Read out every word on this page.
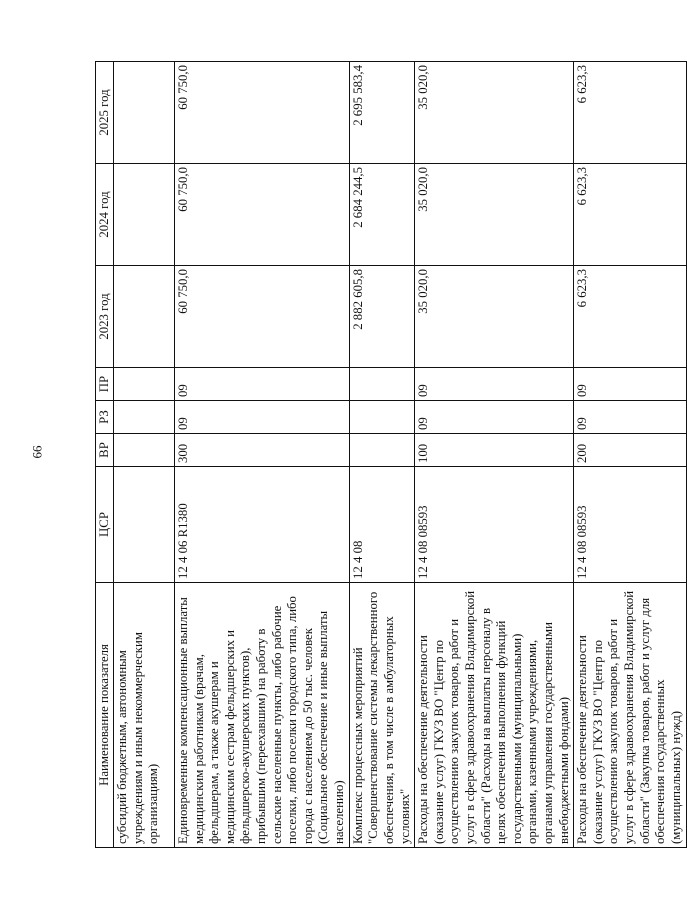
66
Наименование показателя	ЦСР	ВР	РЗ	ПР	2023 год	2024 год	2025 год
субсидий бюджетным, автономным учреждениям и иным некоммерческим организациям)							
Единовременные компенсационные выплаты медицинским работникам (врачам, фельдшерам, а также акушерам и медицинским сестрам фельдшерских и фельдшерско-акушерских пунктов), прибывшим (переехавшим) на работу в сельские населенные пункты, либо рабочие поселки, либо поселки городского типа, либо города с населением до 50 тыс. человек (Социальное обеспечение и иные выплаты населению)	12 4 06 R1380	300	09	09	60 750,0	60 750,0	60 750,0
Комплекс процессных мероприятий "Совершенствование системы лекарственного обеспечения, в том числе в амбулаторных условиях"	12 4 08				2 882 605,8	2 684 244,5	2 695 583,4
Расходы на обеспечение деятельности (оказание услуг) ГКУЗ ВО "Центр по осуществлению закупок товаров, работ и услуг в сфере здравоохранения Владимирской области" (Расходы на выплаты персоналу в целях обеспечения выполнения функций государственными (муниципальными) органами, казенными учреждениями, органами управления государственными внебюджетными фондами)	12 4 08 08593	100	09	09	35 020,0	35 020,0	35 020,0
Расходы на обеспечение деятельности (оказание услуг) ГКУЗ ВО "Центр по осуществлению закупок товаров, работ и услуг в сфере здравоохранения Владимирской области" (Закупка товаров, работ и услуг для обеспечения государственных (муниципальных) нужд)	12 4 08 08593	200	09	09	6 623,3	6 623,3	6 623,3
